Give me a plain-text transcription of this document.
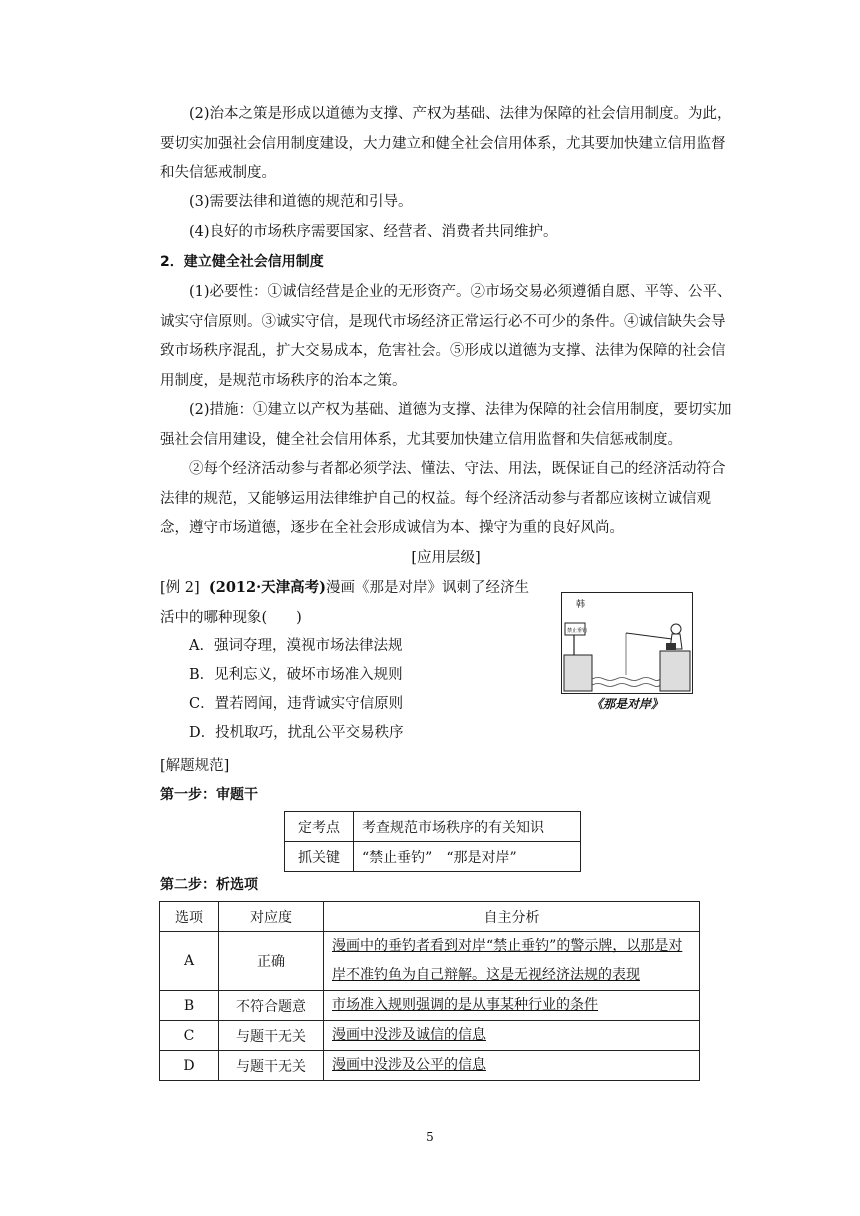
(2)治本之策是形成以道德为支撑、产权为基础、法律为保障的社会信用制度。为此，要切实加强社会信用制度建设，大力建立和健全社会信用体系，尤其要加快建立信用监督和失信惩戒制度。

(3)需要法律和道德的规范和引导。

(4)良好的市场秩序需要国家、经营者、消费者共同维护。

2．建立健全社会信用制度

(1)必要性：①诚信经营是企业的无形资产。②市场交易必须遵循自愿、平等、公平、诚实守信原则。③诚实守信，是现代市场经济正常运行必不可少的条件。④诚信缺失会导致市场秩序混乱，扩大交易成本，危害社会。⑤形成以道德为支撑、法律为保障的社会信用制度，是规范市场秩序的治本之策。

(2)措施：①建立以产权为基础、道德为支撑、法律为保障的社会信用制度，要切实加强社会信用建设，健全社会信用体系，尤其要加快建立信用监督和失信惩戒制度。

②每个经济活动参与者都必须学法、懂法、守法、用法，既保证自己的经济活动符合法律的规范，又能够运用法律维护自己的权益。每个经济活动参与者都应该树立诚信观念，遵守市场道德，逐步在全社会形成诚信为本、操守为重的良好风尚。

[应用层级]

[例 2] (2012·天津高考)漫画《那是对岸》讽刺了经济生活中的哪种现象(　　)

A．强词夺理，漠视市场法律法规

B．见利忘义，破坏市场准入规则

C．置若罔闻，违背诚实守信原则

D．投机取巧，扰乱公平交易秩序

韩
禁止垂钓
《那是对岸》

[解题规范]

第一步：审题干

定考点	考查规范市场秩序的有关知识
抓关键	“禁止垂钓”　“那是对岸”

第二步：析选项

选项	对应度	自主分析
A	正确	漫画中的垂钓者看到对岸“禁止垂钓”的警示牌，以那是对岸不准钓鱼为自己辩解。这是无视经济法规的表现
B	不符合题意	市场准入规则强调的是从事某种行业的条件
C	与题干无关	漫画中没涉及诚信的信息
D	与题干无关	漫画中没涉及公平的信息
5
